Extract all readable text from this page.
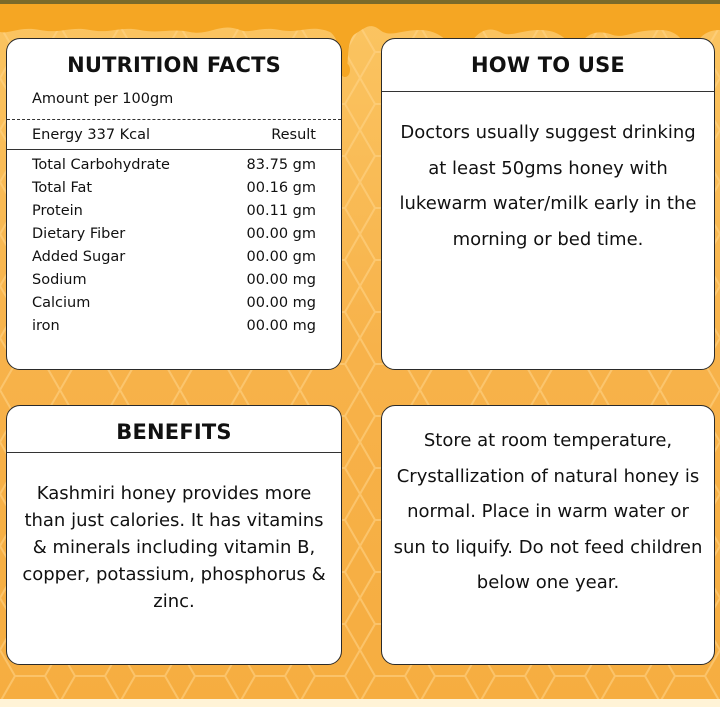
NUTRITION FACTS
Amount per 100gm
Energy 337 Kcal	Result
Total Carbohydrate	83.75 gm
Total Fat	00.16 gm
Protein	00.11 gm
Dietary Fiber	00.00 gm
Added Sugar	00.00 gm
Sodium	00.00 mg
Calcium	00.00 mg
iron	00.00 mg
HOW TO USE
Doctors usually suggest drinking at least 50gms honey with lukewarm water/milk early in the morning or bed time.
BENEFITS
Kashmiri honey provides more than just calories. It has vitamins & minerals including vitamin B, copper, potassium, phosphorus & zinc.
Store at room temperature, Crystallization of natural honey is normal. Place in warm water or sun to liquify. Do not feed children below one year.
